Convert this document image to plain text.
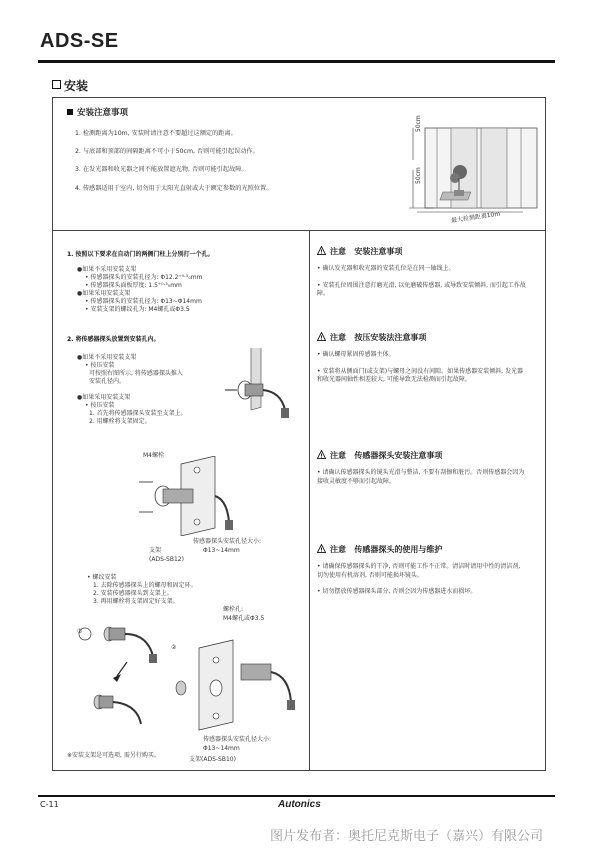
ADS-SE
安装
安装注意事项
1. 检测距离为10m, 安装时请注意不要超过这额定的距离。
2. 与底部和顶部的间隔距离不可小于50cm, 否则可能引起误动作。
3. 在发光器和收光器之间不能放置遮光物, 否则可能引起故障。
4. 传感器适用于室内, 切勿用于太阳光直射或大于额定参数的光照位置。
50cm
50cm
最大检测距离10m
1. 按照以下要求在自动门的两侧门柱上分别打一个孔。
●如果不采用安装支架
• 传感器探头的安装孔径为: Φ12.2⁺⁰·⁵₀mm
• 传感器探头面板厚度: 1.5⁺⁰·³₀mm
●如果采用安装支架
• 传感器探头的安装孔径为: Φ13~Φ14mm
• 安装支架的螺纹孔为: M4螺孔或Φ3.5
2. 将传感器探头放置到安装孔内。
●如果不采用安装支架
• 按压安装
可按照右图所示, 将传感器探头推入
安装孔径内。
●如果采用安装支架
• 按压安装
1. 首先将传感器探头安装至支架上。
2. 用螺栓将支架固定。
M4螺栓
传感器探头安装孔径大小:
Φ13~14mm
支架
(ADS-SB12)
• 螺纹安装
1. 去除传感器探头上的螺母和固定环。
2. 安装传感器探头到支架上。
3. 再用螺栓将支架固定好支架。
①
②
螺栓孔:
M4螺孔或Φ3.5
传感器探头安装孔径大小:
Φ13~14mm
支架(ADS-SB10)
※安装支架是可选项, 需另行购买。
! 注意 安装注意事项
• 确认发光器和收光器的安装孔位是在同一轴线上。
• 安装孔位周围注意打磨光滑, 以免磨破传感器, 或导致安装倾斜, 而引起工作故障。
! 注意 按压安装法注意事项
• 确认螺母紧固传感器主体。
• 安装将从侧面门(或支架)与螺母之间没有间隙。如果传感器安装倾斜, 发光器和收光器间轴性相差较大, 可能导致无法检测而引起故障。
! 注意 传感器探头安装注意事项
• 请确认传感器探头的镜头光滑与整洁, 不要有刮擦和脏污。否则传感器会因为接收灵敏度不够而引起故障。
! 注意 传感器探头的使用与维护
• 请确保传感器探头的干净, 否则可能工作不正常。清洁时请用中性的清洁剂, 切勿使用有机溶剂, 否则可能损坏镜头。
• 切勿摆放传感器探头部分, 否则会因为传感器进水而损坏。
C-11	Autonics
图片发布者：奥托尼克斯电子（嘉兴）有限公司
